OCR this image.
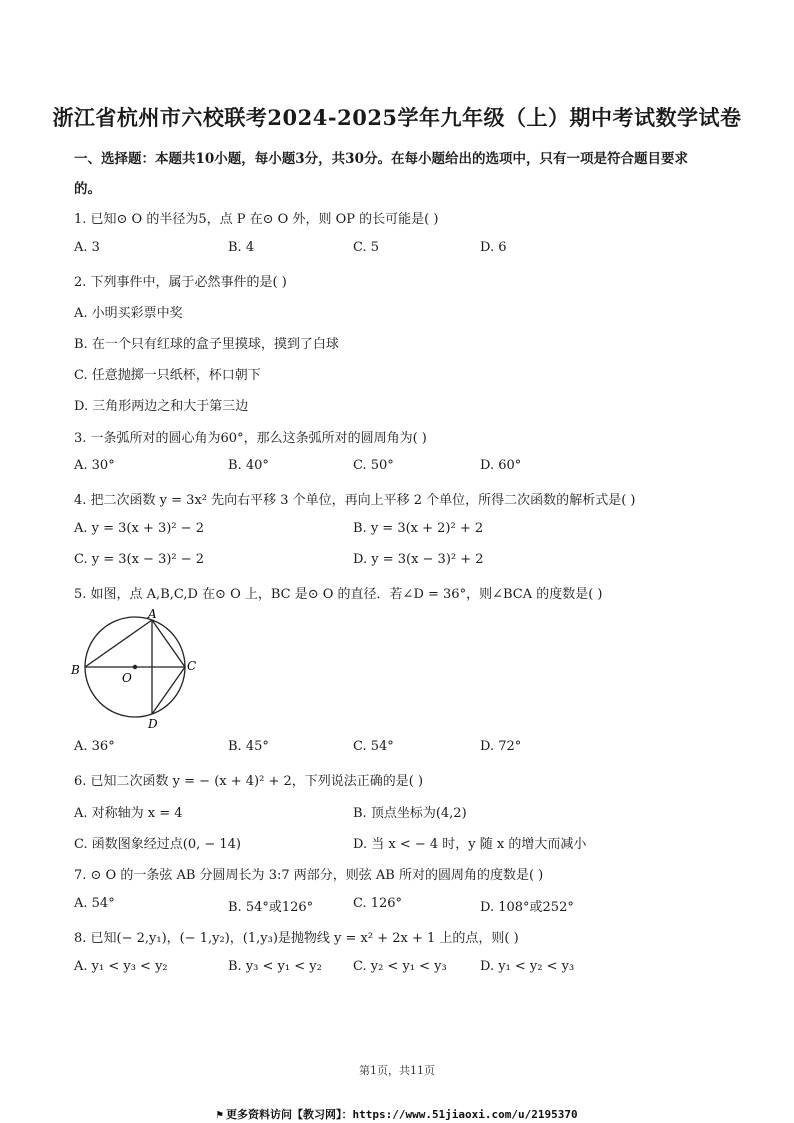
浙江省杭州市六校联考2024-2025学年九年级（上）期中考试数学试卷
一、选择题：本题共10小题，每小题3分，共30分。在每小题给出的选项中，只有一项是符合题目要求
的。
1. 已知⊙ O 的半径为5，点 P 在⊙ O 外，则 OP 的长可能是( )
A. 3	B. 4	C. 5	D. 6
2. 下列事件中，属于必然事件的是( )
A. 小明买彩票中奖
B. 在一个只有红球的盒子里摸球，摸到了白球
C. 任意抛掷一只纸杯，杯口朝下
D. 三角形两边之和大于第三边
3. 一条弧所对的圆心角为60°，那么这条弧所对的圆周角为( )
A. 30°	B. 40°	C. 50°	D. 60°
4. 把二次函数 y = 3x² 先向右平移 3 个单位，再向上平移 2 个单位，所得二次函数的解析式是( )
A. y = 3(x + 3)² − 2	B. y = 3(x + 2)² + 2
C. y = 3(x − 3)² − 2	D. y = 3(x − 3)² + 2
5. 如图，点 A,B,C,D 在⊙ O 上，BC 是⊙ O 的直径．若∠D = 36°，则∠BCA 的度数是( )
A
B	C
D
O
A. 36°	B. 45°	C. 54°	D. 72°
6. 已知二次函数 y = − (x + 4)² + 2，下列说法正确的是( )
A. 对称轴为 x = 4	B. 顶点坐标为(4,2)
C. 函数图象经过点(0, − 14)	D. 当 x < − 4 时，y 随 x 的增大而减小
7. ⊙ O 的一条弦 AB 分圆周长为 3:7 两部分，则弦 AB 所对的圆周角的度数是( )
A. 54°	B. 54°或126°	C. 126°	D. 108°或252°
8. 已知(− 2,y₁)，(− 1,y₂)，(1,y₃)是抛物线 y = x² + 2x + 1 上的点，则( )
A. y₁ < y₃ < y₂	B. y₃ < y₁ < y₂ C. y₂ < y₁ < y₃	D. y₁ < y₂ < y₃
第1页，共11页
⚑ 更多资料访问【教习网】：https://www.51jiaoxi.com/u/2195370
